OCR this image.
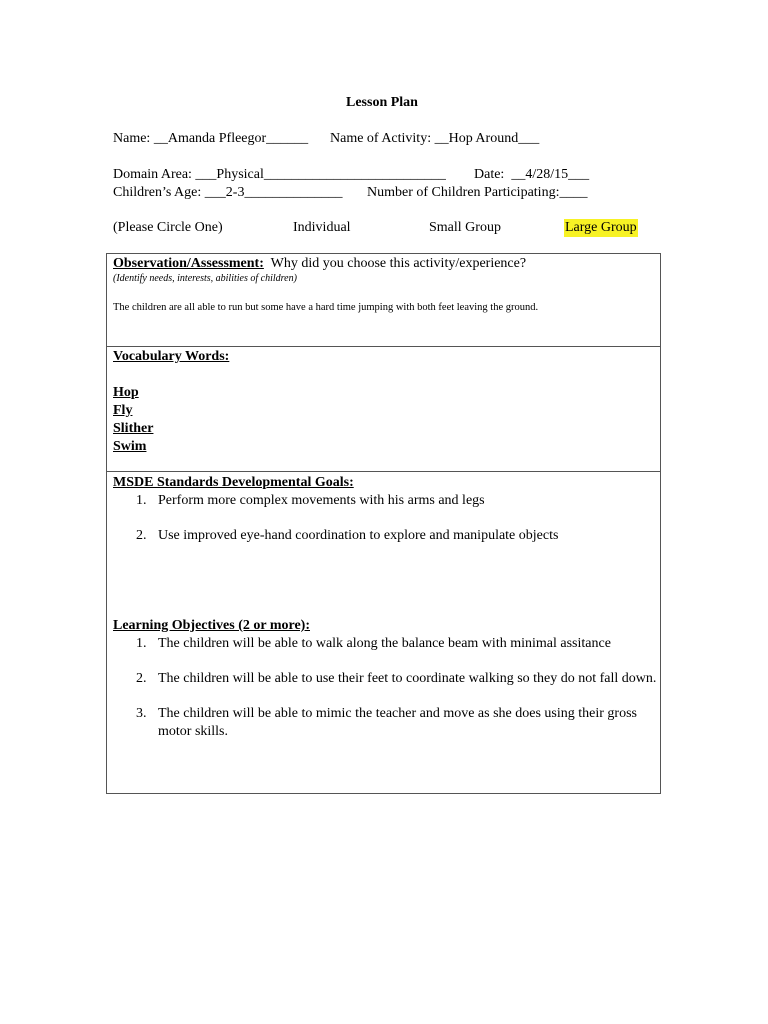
Lesson Plan
Name: __Amanda Pfleegor______ Name of Activity: __Hop Around___
Domain Area: ___Physical__________________________ Date:  __4/28/15___
Children’s Age: ___2-3______________ Number of Children Participating:____
(Please Circle One)	Individual	Small Group	Large Group
Observation/Assessment: Why did you choose this activity/experience?
(Identify needs, interests, abilities of children)
The children are all able to run but some have a hard time jumping with both feet leaving the ground.
Vocabulary Words:
Hop
Fly
Slither
Swim
MSDE Standards Developmental Goals:
1. Perform more complex movements with his arms and legs
2. Use improved eye-hand coordination to explore and manipulate objects
Learning Objectives (2 or more):
1. The children will be able to walk along the balance beam with minimal assitance
2. The children will be able to use their feet to coordinate walking so they do not fall down.
3. The children will be able to mimic the teacher and move as she does using their gross motor skills.
